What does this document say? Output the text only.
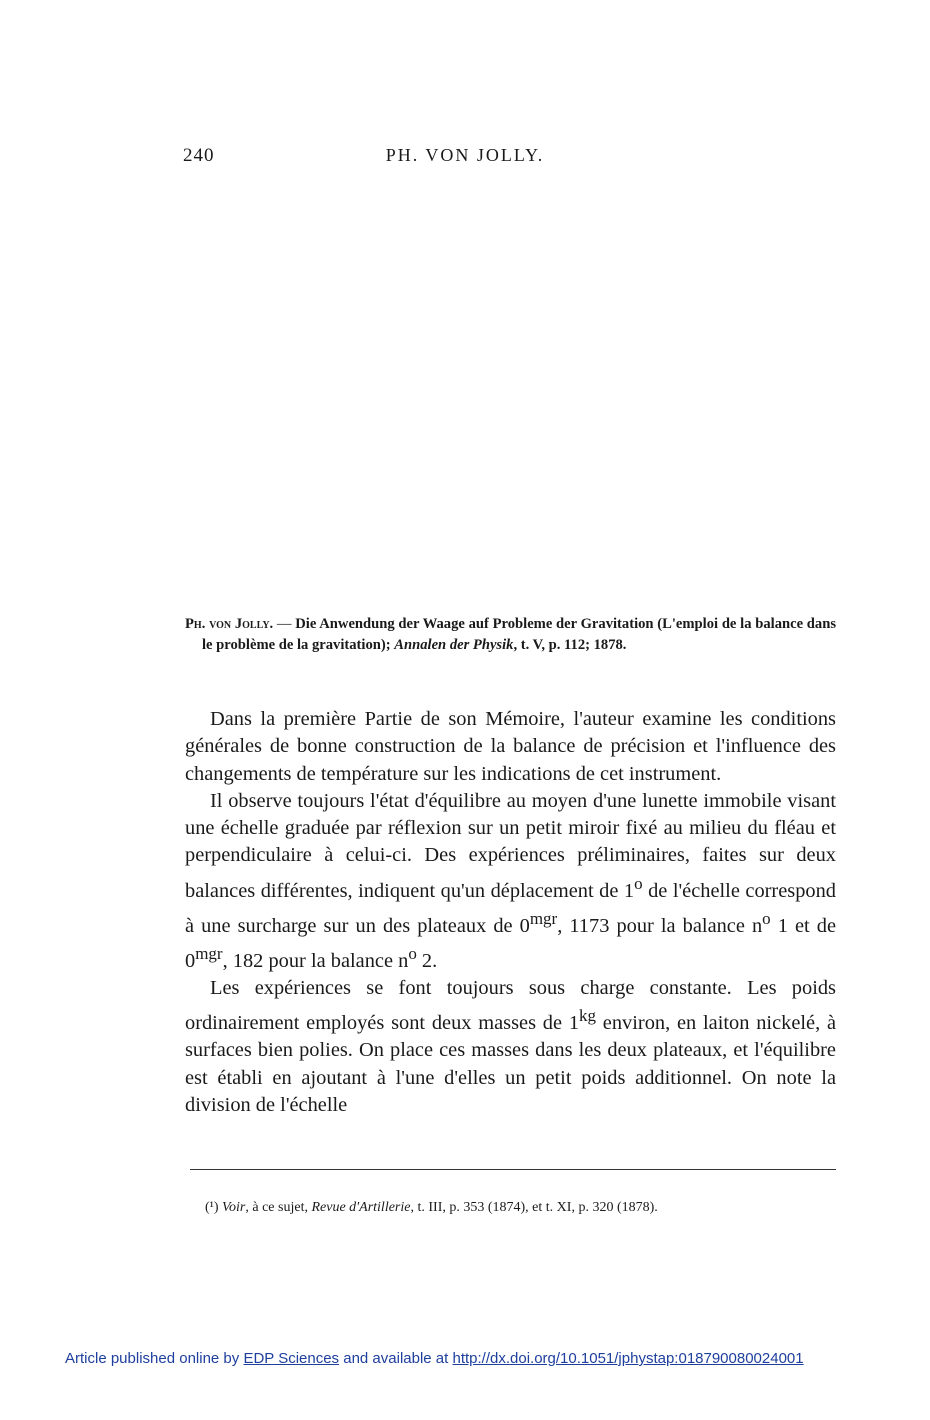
240	PH. VON JOLLY.
Ph. von Jolly. — Die Anwendung der Waage auf Probleme der Gravitation (L'emploi de la balance dans le problème de la gravitation); Annalen der Physik, t. V, p. 112; 1878.

Dans la première Partie de son Mémoire, l'auteur examine les conditions générales de bonne construction de la balance de précision et l'influence des changements de température sur les indications de cet instrument.

Il observe toujours l'état d'équilibre au moyen d'une lunette immobile visant une échelle graduée par réflexion sur un petit miroir fixé au milieu du fléau et perpendiculaire à celui-ci. Des expériences préliminaires, faites sur deux balances différentes, indiquent qu'un déplacement de 1$^o$ de l'échelle correspond à une surcharge sur un des plateaux de $0^{mgr}$, 1173 pour la balance $n^o$ 1 et de $0^{mgr}$, 182 pour la balance $n^o$ 2.

Les expériences se font toujours sous charge constante. Les poids ordinairement employés sont deux masses de $1^{kg}$ environ, en laiton nickelé, à surfaces bien polies. On place ces masses dans les deux plateaux, et l'équilibre est établi en ajoutant à l'une d'elles un petit poids additionnel. On note la division de l'échelle

(¹) Voir, à ce sujet, Revue d'Artillerie, t. III, p. 353 (1874), et t. XI, p. 320 (1878).
Article published online by EDP Sciences and available at http://dx.doi.org/10.1051/jphystap:018790080024001
